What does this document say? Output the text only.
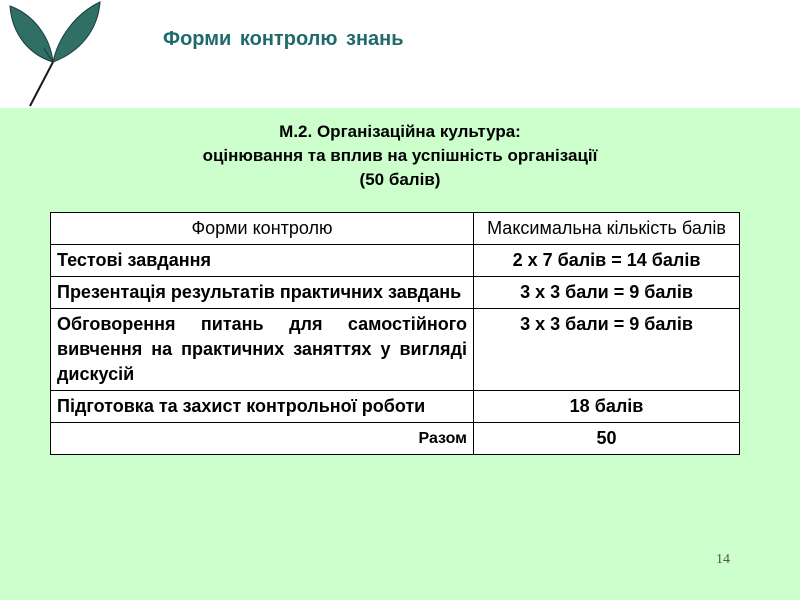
Форми контролю знань
М.2. Організаційна культура:
оцінювання та вплив на успішність організації
(50 балів)
Форми контролю	Максимальна кількість балів
Тестові завдання	2 х 7 балів = 14 балів
Презентація результатів практичних завдань	3 х 3 бали = 9 балів
Обговорення питань для самостійного вивчення на практичних заняттях у вигляді дискусій	3 х 3 бали = 9 балів
Підготовка та захист контрольної роботи	18 балів
Разом	50
14
